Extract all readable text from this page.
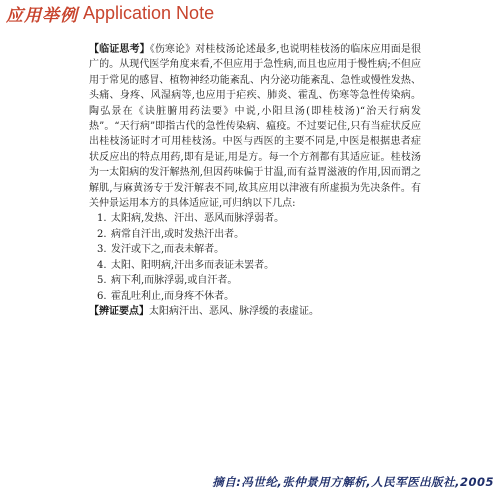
应用举例 Application Note

【临证思考】《伤寒论》对桂枝汤论述最多,也说明桂枝汤的临床应用面是很广的。从现代医学角度来看,不但应用于急性病,而且也应用于慢性病;不但应用于常见的感冒、植物神经功能紊乱、内分泌功能紊乱、急性或慢性发热、头痛、身疼、风湿病等,也应用于疟疾、肺炎、霍乱、伤寒等急性传染病。陶弘景在《诀脏腑用药法要》中说,小阳旦汤(即桂枝汤)“治天行病发热”。“天行病”即指古代的急性传染病、瘟疫。不过要记住,只有当症状反应出桂枝汤证时才可用桂枝汤。中医与西医的主要不同是,中医是根据患者症状反应出的特点用药,即有是证,用是方。每一个方剂都有其适应证。桂枝汤为一太阳病的发汗解热剂,但因药味偏于甘温,而有益胃滋液的作用,因而谓之解肌,与麻黄汤专于发汗解表不同,故其应用以津液有所虚损为先决条件。有关仲景运用本方的具体适应证,可归纳以下几点:

1. 太阳病,发热、汗出、恶风而脉浮弱者。
2. 病常自汗出,或时发热汗出者。
3. 发汗或下之,而表未解者。
4. 太阳、阳明病,汗出多而表证未罢者。
5. 病下利,而脉浮弱,或自汗者。
6. 霍乱吐利止,而身疼不休者。

【辨证要点】太阳病汗出、恶风、脉浮缓的表虚证。

摘自:冯世纶,张仲景用方解析,人民军医出版社,2005
